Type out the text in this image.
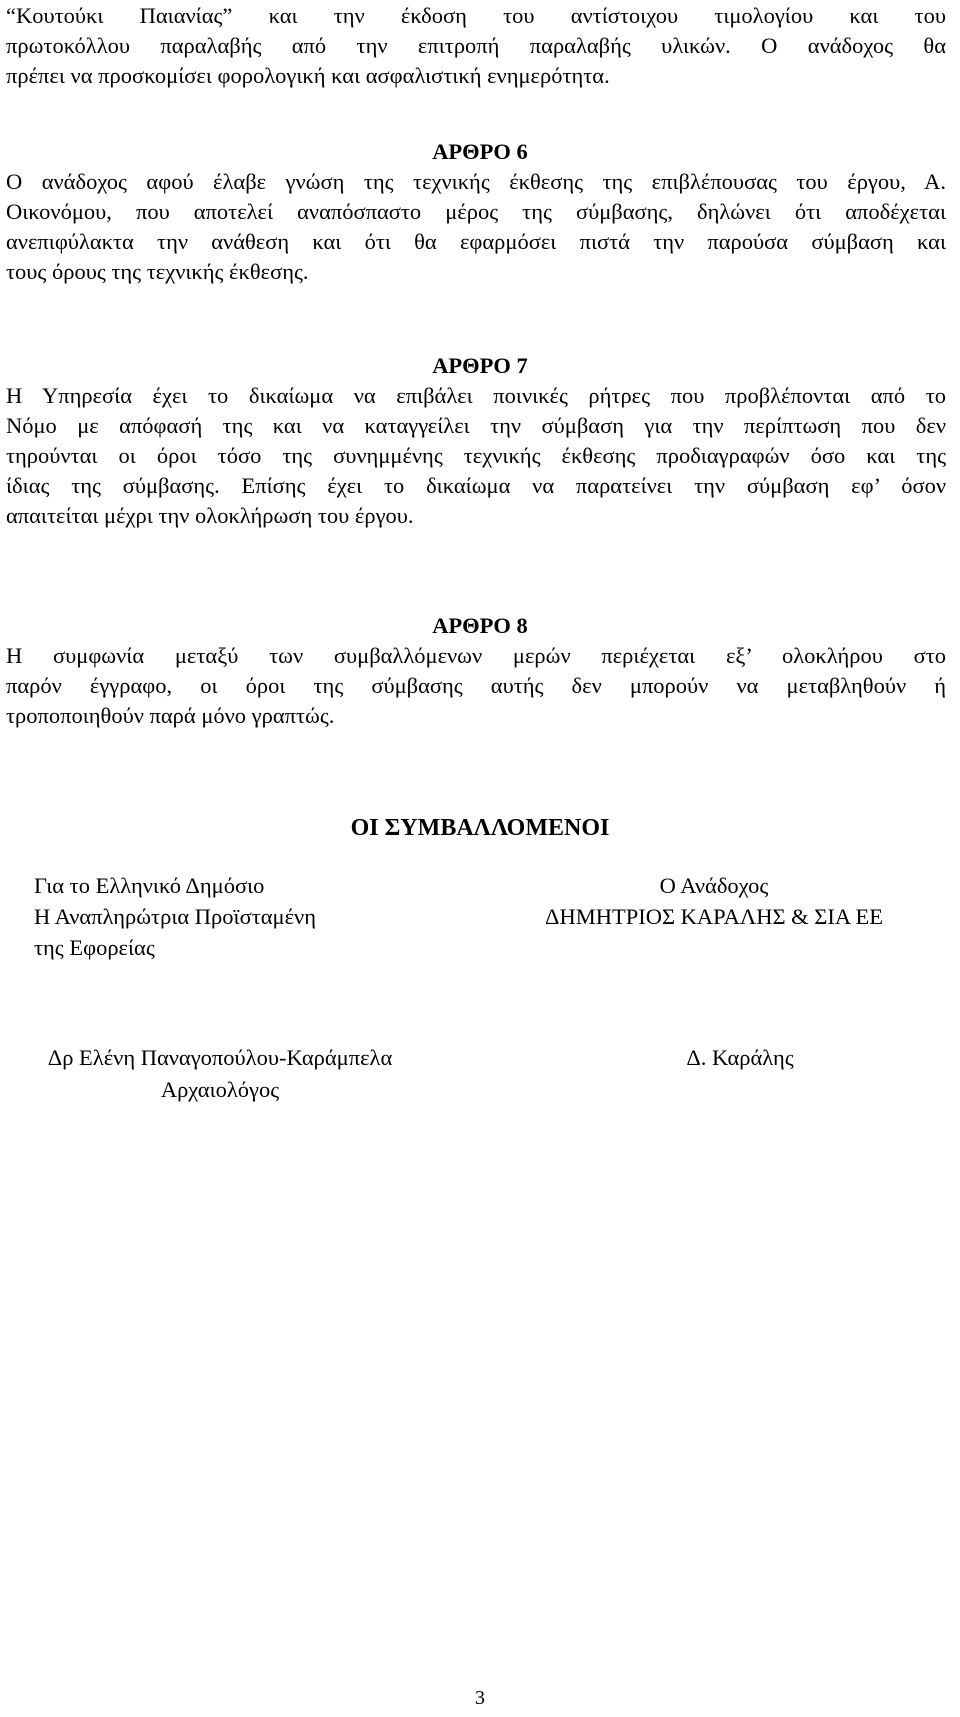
“Κουτούκι Παιανίας” και την έκδοση του αντίστοιχου τιμολογίου και του
πρωτοκόλλου παραλαβής από την επιτροπή παραλαβής υλικών. Ο ανάδοχος θα
πρέπει να προσκομίσει φορολογική και ασφαλιστική ενημερότητα.
ΑΡΘΡΟ 6
Ο ανάδοχος αφού έλαβε γνώση της τεχνικής έκθεσης της επιβλέπουσας του έργου, Α.
Οικονόμου, που αποτελεί αναπόσπαστο μέρος της σύμβασης, δηλώνει ότι αποδέχεται
ανεπιφύλακτα την ανάθεση και ότι θα εφαρμόσει πιστά την παρούσα σύμβαση και
τους όρους της τεχνικής έκθεσης.
ΑΡΘΡΟ 7
Η Υπηρεσία έχει το δικαίωμα να επιβάλει ποινικές ρήτρες που προβλέπονται από το
Νόμο με απόφασή της και να καταγγείλει την σύμβαση για την περίπτωση που δεν
τηρούνται οι όροι τόσο της συνημμένης τεχνικής έκθεσης προδιαγραφών όσο και της
ίδιας της σύμβασης. Επίσης έχει το δικαίωμα να παρατείνει την σύμβαση εφ’ όσον
απαιτείται μέχρι την ολοκλήρωση του έργου.
ΑΡΘΡΟ 8
Η συμφωνία μεταξύ των συμβαλλόμενων μερών περιέχεται εξ’ ολοκλήρου στο
παρόν έγγραφο, οι όροι της σύμβασης αυτής δεν μπορούν να μεταβληθούν ή
τροποποιηθούν παρά μόνο γραπτώς.
ΟΙ ΣΥΜΒΑΛΛΟΜΕΝΟΙ
Για το Ελληνικό Δημόσιο
Η Αναπληρώτρια Προϊσταμένη
της Εφορείας
Ο Ανάδοχος
ΔΗΜΗΤΡΙΟΣ ΚΑΡΑΛΗΣ & ΣΙΑ ΕΕ
Δρ Ελένη Παναγοπούλου-Καράμπελα
Αρχαιολόγος
Δ. Καράλης
3
